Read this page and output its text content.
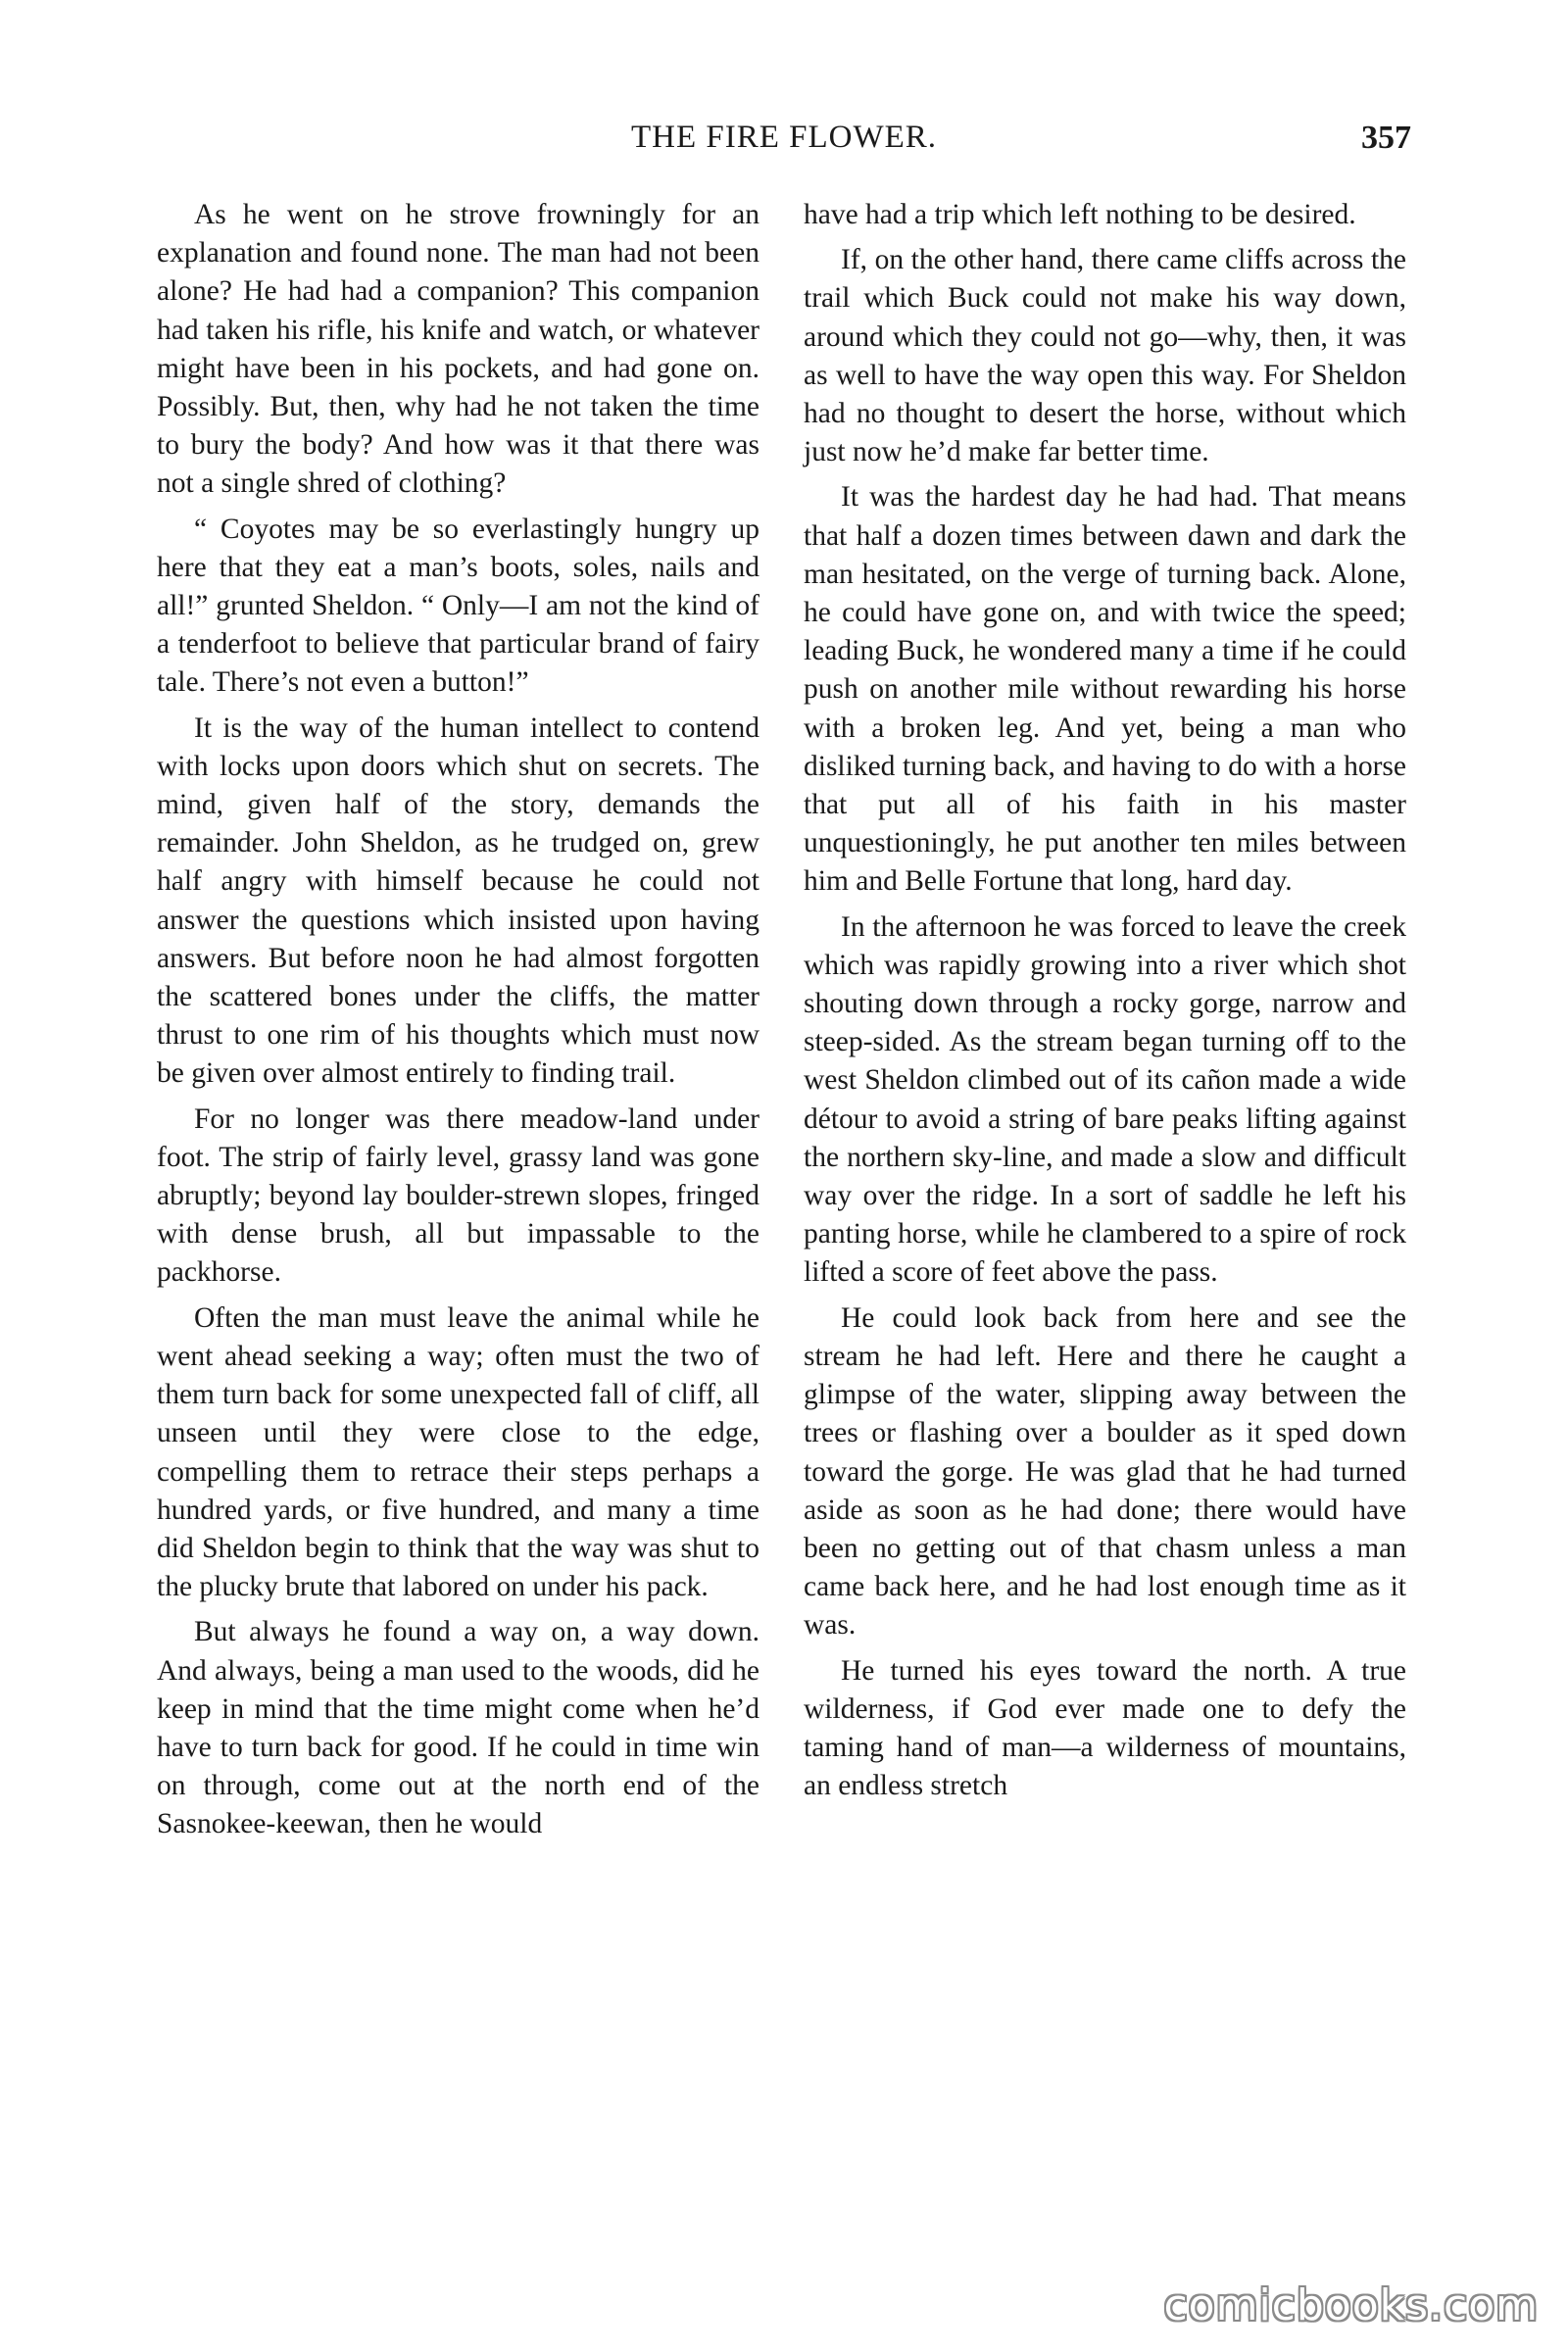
THE FIRE FLOWER.	357

As he went on he strove frowningly for an explanation and found none. The man had not been alone? He had had a companion? This companion had taken his rifle, his knife and watch, or whatever might have been in his pockets, and had gone on. Possibly. But, then, why had he not taken the time to bury the body? And how was it that there was not a single shred of clothing?

“ Coyotes may be so everlastingly hungry up here that they eat a man’s boots, soles, nails and all!” grunted Sheldon. “ Only—I am not the kind of a tenderfoot to believe that particular brand of fairy tale. There’s not even a button!”

It is the way of the human intellect to contend with locks upon doors which shut on secrets. The mind, given half of the story, demands the remainder. John Sheldon, as he trudged on, grew half angry with himself because he could not answer the questions which insisted upon having answers. But before noon he had almost forgotten the scattered bones under the cliffs, the matter thrust to one rim of his thoughts which must now be given over almost entirely to finding trail.

For no longer was there meadow-land under foot. The strip of fairly level, grassy land was gone abruptly; beyond lay boulder-strewn slopes, fringed with dense brush, all but impassable to the packhorse.

Often the man must leave the animal while he went ahead seeking a way; often must the two of them turn back for some unexpected fall of cliff, all unseen until they were close to the edge, compelling them to retrace their steps perhaps a hundred yards, or five hundred, and many a time did Sheldon begin to think that the way was shut to the plucky brute that labored on under his pack.

But always he found a way on, a way down. And always, being a man used to the woods, did he keep in mind that the time might come when he’d have to turn back for good. If he could in time win on through, come out at the north end of the Sasnokee-keewan, then he would

have had a trip which left nothing to be desired.

If, on the other hand, there came cliffs across the trail which Buck could not make his way down, around which they could not go—why, then, it was as well to have the way open this way. For Sheldon had no thought to desert the horse, without which just now he’d make far better time.

It was the hardest day he had had. That means that half a dozen times between dawn and dark the man hesitated, on the verge of turning back. Alone, he could have gone on, and with twice the speed; leading Buck, he wondered many a time if he could push on another mile without rewarding his horse with a broken leg. And yet, being a man who disliked turning back, and having to do with a horse that put all of his faith in his master unquestioningly, he put another ten miles between him and Belle Fortune that long, hard day.

In the afternoon he was forced to leave the creek which was rapidly growing into a river which shot shouting down through a rocky gorge, narrow and steep-sided. As the stream began turning off to the west Sheldon climbed out of its cañon made a wide détour to avoid a string of bare peaks lifting against the northern sky-line, and made a slow and difficult way over the ridge. In a sort of saddle he left his panting horse, while he clambered to a spire of rock lifted a score of feet above the pass.

He could look back from here and see the stream he had left. Here and there he caught a glimpse of the water, slipping away between the trees or flashing over a boulder as it sped down toward the gorge. He was glad that he had turned aside as soon as he had done; there would have been no getting out of that chasm unless a man came back here, and he had lost enough time as it was.

He turned his eyes toward the north. A true wilderness, if God ever made one to defy the taming hand of man—a wilderness of mountains, an endless stretch

comicbooks.com
